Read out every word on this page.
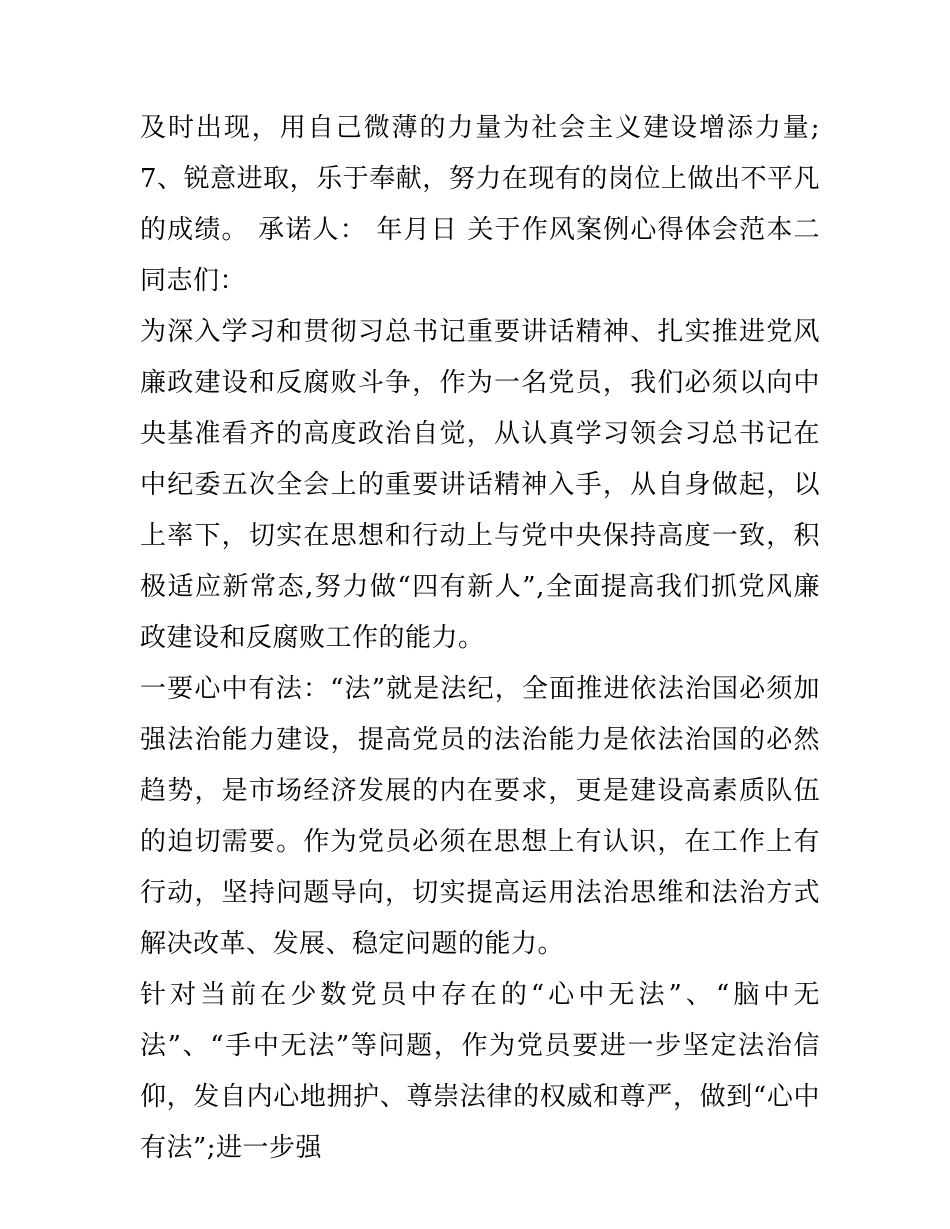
及时出现，用自己微薄的力量为社会主义建设增添力量; 7、锐意进取，乐于奉献，努力在现有的岗位上做出不平凡的成绩。 承诺人： 年月日 关于作风案例心得体会范本二 同志们：

为深入学习和贯彻习总书记重要讲话精神、扎实推进党风廉政建设和反腐败斗争，作为一名党员，我们必须以向中央基准看齐的高度政治自觉，从认真学习领会习总书记在中纪委五次全会上的重要讲话精神入手，从自身做起，以上率下，切实在思想和行动上与党中央保持高度一致，积极适应新常态,努力做“四有新人”,全面提高我们抓党风廉政建设和反腐败工作的能力。

一要心中有法：“法”就是法纪，全面推进依法治国必须加强法治能力建设，提高党员的法治能力是依法治国的必然趋势，是市场经济发展的内在要求，更是建设高素质队伍的迫切需要。作为党员必须在思想上有认识，在工作上有行动，坚持问题导向，切实提高运用法治思维和法治方式解决改革、发展、稳定问题的能力。

针对当前在少数党员中存在的“心中无法”、“脑中无法”、“手中无法”等问题，作为党员要进一步坚定法治信仰，发自内心地拥护、尊崇法律的权威和尊严，做到“心中有法”;进一步强
